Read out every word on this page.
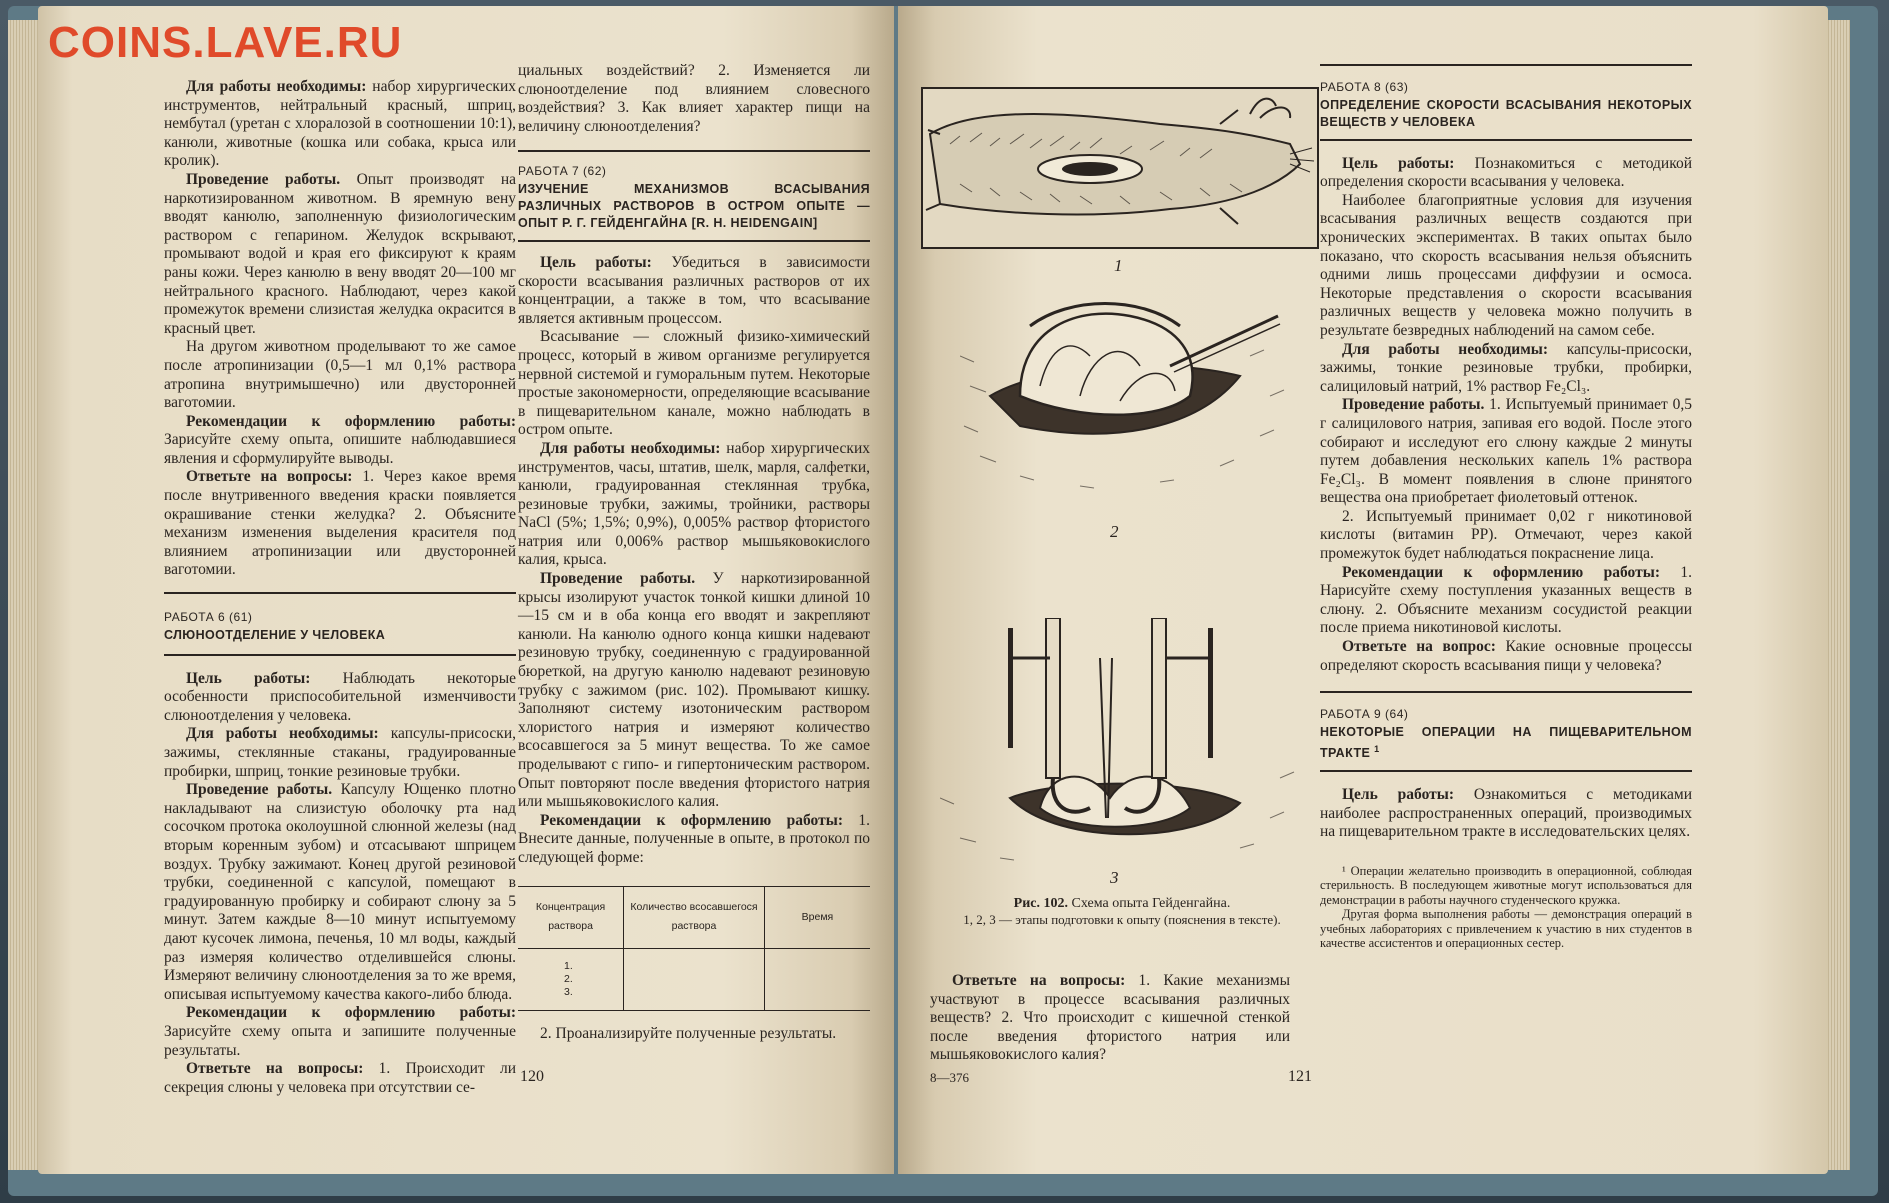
Для работы необходимы: набор хирургических инструментов, нейтральный красный, шприц, нембутал (уретан с хлоралозой в соотношении 10:1), канюли, животные (кошка или собака, крыса или кролик).

Проведение работы. Опыт производят на наркотизированном животном. В яремную вену вводят канюлю, заполненную физиологическим раствором с гепарином. Желудок вскрывают, промывают водой и края его фиксируют к краям раны кожи. Через канюлю в вену вводят 20—100 мг нейтрального красного. Наблюдают, через какой промежуток времени слизистая желудка окрасится в красный цвет.

На другом животном проделывают то же самое после атропинизации (0,5—1 мл 0,1% раствора атропина внутримышечно) или двусторонней ваготомии.

Рекомендации к оформлению работы: Зарисуйте схему опыта, опишите наблюдавшиеся явления и сформулируйте выводы.

Ответьте на вопросы: 1. Через какое время после внутривенного введения краски появляется окрашивание стенки желудка? 2. Объясните механизм изменения выделения красителя под влиянием атропинизации или двусторонней ваготомии.

РАБОТА 6 (61)
СЛЮНООТДЕЛЕНИЕ У ЧЕЛОВЕКА

Цель работы: Наблюдать некоторые особенности приспособительной изменчивости слюноотделения у человека.

Для работы необходимы: капсулы-присоски, зажимы, стеклянные стаканы, градуированные пробирки, шприц, тонкие резиновые трубки.

Проведение работы. Капсулу Ющенко плотно накладывают на слизистую оболочку рта над сосочком протока околоушной слюнной железы (над вторым коренным зубом) и отсасывают шприцем воздух. Трубку зажимают. Конец другой резиновой трубки, соединенной с капсулой, помещают в градуированную пробирку и собирают слюну за 5 минут. Затем каждые 8—10 минут испытуемому дают кусочек лимона, печенья, 10 мл воды, каждый раз измеряя количество отделившейся слюны. Измеряют величину слюноотделения за то же время, описывая испытуемому качества какого-либо блюда.

Рекомендации к оформлению работы: Зарисуйте схему опыта и запишите полученные результаты.

Ответьте на вопросы: 1. Происходит ли секреция слюны у человека при отсутствии се-

циальных воздействий? 2. Изменяется ли слюноотделение под влиянием словесного воздействия? 3. Как влияет характер пищи на величину слюноотделения?

РАБОТА 7 (62)
ИЗУЧЕНИЕ МЕХАНИЗМОВ ВСАСЫВАНИЯ РАЗЛИЧНЫХ РАСТВОРОВ В ОСТРОМ ОПЫТЕ — ОПЫТ Р. Г. ГЕЙДЕНГАЙНА [R. H. HEIDENGAIN]

Цель работы: Убедиться в зависимости скорости всасывания различных растворов от их концентрации, а также в том, что всасывание является активным процессом.

Всасывание — сложный физико-химический процесс, который в живом организме регулируется нервной системой и гуморальным путем. Некоторые простые закономерности, определяющие всасывание в пищеварительном канале, можно наблюдать в остром опыте.

Для работы необходимы: набор хирургических инструментов, часы, штатив, шелк, марля, салфетки, канюли, градуированная стеклянная трубка, резиновые трубки, зажимы, тройники, растворы NaCl (5%; 1,5%; 0,9%), 0,005% раствор фтористого натрия или 0,006% раствор мышьяковокислого калия, крыса.

Проведение работы. У наркотизированной крысы изолируют участок тонкой кишки длиной 10—15 см и в оба конца его вводят и закрепляют канюли. На канюлю одного конца кишки надевают резиновую трубку, соединенную с градуированной бюреткой, на другую канюлю надевают резиновую трубку с зажимом (рис. 102). Промывают кишку. Заполняют систему изотоническим раствором хлористого натрия и измеряют количество всосавшегося за 5 минут вещества. То же самое проделывают с гипо- и гипертоническим раствором. Опыт повторяют после введения фтористого натрия или мышьяковокислого калия.

Рекомендации к оформлению работы: 1. Внесите данные, полученные в опыте, в протокол по следующей форме:

Концентрация раствора	Количество всосавшегося раствора	Время

1.
2.
3.		

2. Проанализируйте полученные результаты.

120
1
2
3
Рис. 102. Схема опыта Гейденгайна.
1, 2, 3 — этапы подготовки к опыту (пояснения в тексте).

Ответьте на вопросы: 1. Какие механизмы участвуют в процессе всасывания различных веществ? 2. Что происходит с кишечной стенкой после введения фтористого натрия или мышьяковокислого калия?

8—376	121
РАБОТА 8 (63)
ОПРЕДЕЛЕНИЕ СКОРОСТИ ВСАСЫВАНИЯ НЕКОТОРЫХ ВЕЩЕСТВ У ЧЕЛОВЕКА

Цель работы: Познакомиться с методикой определения скорости всасывания у человека.

Наиболее благоприятные условия для изучения всасывания различных веществ создаются при хронических экспериментах. В таких опытах было показано, что скорость всасывания нельзя объяснить одними лишь процессами диффузии и осмоса. Некоторые представления о скорости всасывания различных веществ у человека можно получить в результате безвредных наблюдений на самом себе.

Для работы необходимы: капсулы-присоски, зажимы, тонкие резиновые трубки, пробирки, салициловый натрий, 1% раствор Fe₂Cl₃.

Проведение работы. 1. Испытуемый принимает 0,5 г салицилового натрия, запивая его водой. После этого собирают и исследуют его слюну каждые 2 минуты путем добавления нескольких капель 1% раствора Fe₂Cl₃. В момент появления в слюне принятого вещества она приобретает фиолетовый оттенок.

2. Испытуемый принимает 0,02 г никотиновой кислоты (витамин PP). Отмечают, через какой промежуток будет наблюдаться покраснение лица.

Рекомендации к оформлению работы: 1. Нарисуйте схему поступления указанных веществ в слюну. 2. Объясните механизм сосудистой реакции после приема никотиновой кислоты.

Ответьте на вопрос: Какие основные процессы определяют скорость всасывания пищи у человека?

РАБОТА 9 (64)
НЕКОТОРЫЕ ОПЕРАЦИИ НА ПИЩЕВАРИТЕЛЬНОМ ТРАКТЕ $^1$

Цель работы: Ознакомиться с методиками наиболее распространенных операций, производимых на пищеварительном тракте в исследовательских целях.

¹ Операции желательно производить в операционной, соблюдая стерильность. В последующем животные могут использоваться для демонстрации в работы научного студенческого кружка.

Другая форма выполнения работы — демонстрация операций в учебных лабораториях с привлечением к участию в них студентов в качестве ассистентов и операционных сестер.

COINS.LAVE.RU
